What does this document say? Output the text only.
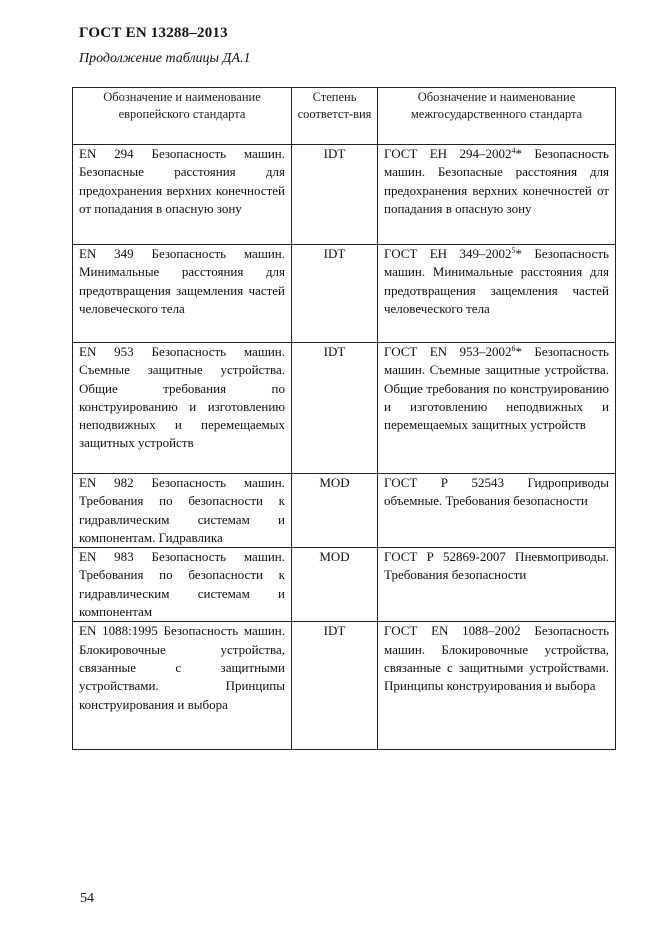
ГОСТ EN 13288–2013
Продолжение таблицы ДА.1
Обозначение и наименование европейского стандарта	Степень соответст-вия	Обозначение и наименование межгосударственного стандарта
EN 294 Безопасность машин. Безопасные расстояния для предохранения верхних конечностей от попадания в опасную зону	IDT	ГОСТ ЕН 294–2002$^4$* Безопасность машин. Безопасные расстояния для предохранения верхних конечностей от попадания в опасную зону
EN 349 Безопасность машин. Минимальные расстояния для предотвращения защемления частей человеческого тела	IDT	ГОСТ ЕН 349–2002$^5$* Безопасность машин. Минимальные расстояния для предотвращения защемления частей человеческого тела
EN 953 Безопасность машин. Съемные защитные устройства. Общие требования по конструированию и изготовлению неподвижных и перемещаемых защитных устройств	IDT	ГОСТ EN 953–2002$^6$* Безопасность машин. Съемные защитные устройства. Общие требования по конструированию и изготовлению неподвижных и перемещаемых защитных устройств
EN 982 Безопасность машин. Требования по безопасности к гидравлическим системам и компонентам. Гидравлика	MOD	ГОСТ Р 52543 Гидроприводы объемные. Требования безопасности
EN 983 Безопасность машин. Требования по безопасности к гидравлическим системам и компонентам	MOD	ГОСТ Р 52869-2007 Пневмоприводы. Требования безопасности
EN 1088:1995 Безопасность машин. Блокировочные устройства, связанные с защитными устройствами. Принципы конструирования и выбора	IDT	ГОСТ EN 1088–2002 Безопасность машин. Блокировочные устройства, связанные с защитными устройствами. Принципы конструирования и выбора
54
